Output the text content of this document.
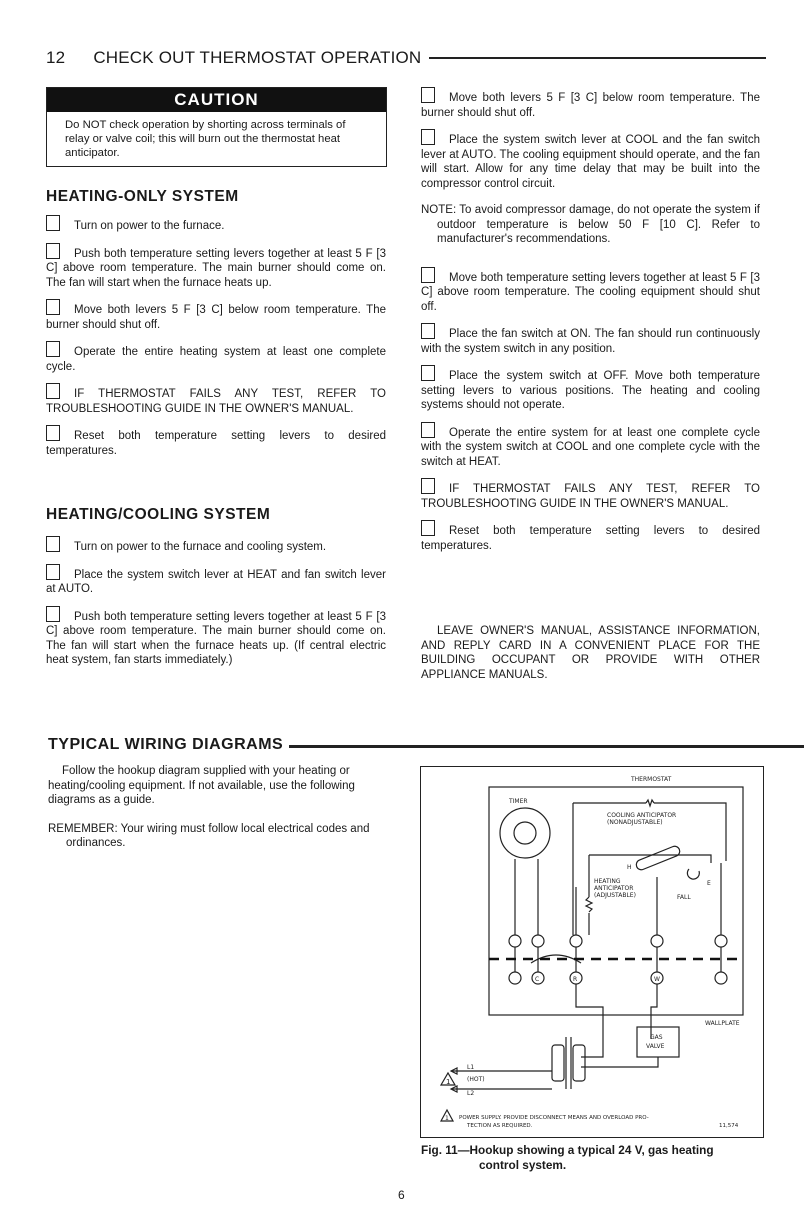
12 CHECK OUT THERMOSTAT OPERATION
CAUTION
Do NOT check operation by shorting across terminals of relay or valve coil; this will burn out the thermostat heat anticipator.
HEATING-ONLY SYSTEM
Turn on power to the furnace.
Push both temperature setting levers together at least 5 F [3 C] above room temperature. The main burner should come on. The fan will start when the furnace heats up.
Move both levers 5 F [3 C] below room temperature. The burner should shut off.
Operate the entire heating system at least one complete cycle.
IF THERMOSTAT FAILS ANY TEST, REFER TO TROUBLESHOOTING GUIDE IN THE OWNER'S MANUAL.
Reset both temperature setting levers to desired temperatures.
HEATING/COOLING SYSTEM
Turn on power to the furnace and cooling system.
Place the system switch lever at HEAT and fan switch lever at AUTO.
Push both temperature setting levers together at least 5 F [3 C] above room temperature. The main burner should come on. The fan will start when the furnace heats up. (If central electric heat system, fan starts immediately.)
Move both levers 5 F [3 C] below room temperature. The burner should shut off.
Place the system switch lever at COOL and the fan switch lever at AUTO. The cooling equipment should operate, and the fan will start. Allow for any time delay that may be built into the compressor control circuit.
NOTE: To avoid compressor damage, do not operate the system if outdoor temperature is below 50 F [10 C]. Refer to manufacturer's recommendations.
Move both temperature setting levers together at least 5 F [3 C] above room temperature. The cooling equipment should shut off.
Place the fan switch at ON. The fan should run continuously with the system switch in any position.
Place the system switch at OFF. Move both temperature setting levers to various positions. The heating and cooling systems should not operate.
Operate the entire system for at least one complete cycle with the system switch at COOL and one complete cycle with the switch at HEAT.
IF THERMOSTAT FAILS ANY TEST, REFER TO TROUBLESHOOTING GUIDE IN THE OWNER'S MANUAL.
Reset both temperature setting levers to desired temperatures.
LEAVE OWNER'S MANUAL, ASSISTANCE INFORMATION, AND REPLY CARD IN A CONVENIENT PLACE FOR THE BUILDING OCCUPANT OR PROVIDE WITH OTHER APPLIANCE MANUALS.
TYPICAL WIRING DIAGRAMS
Follow the hookup diagram supplied with your heating or heating/cooling equipment. If not available, use the following diagrams as a guide.
REMEMBER: Your wiring must follow local electrical codes and ordinances.
THERMOSTAT
TIMER
COOLING ANTICIPATOR
(NONADJUSTABLE)
HEATING
ANTICIPATOR
(ADJUSTABLE)
H
E
FALL
C	R	W
WALLPLATE
GAS
VALVE
L1
(HOT)
L2
1
1 POWER SUPPLY. PROVIDE DISCONNECT MEANS AND OVERLOAD PRO-
TECTION AS REQUIRED.	11,574
Fig. 11—Hookup showing a typical 24 V, gas heating
control system.
6
